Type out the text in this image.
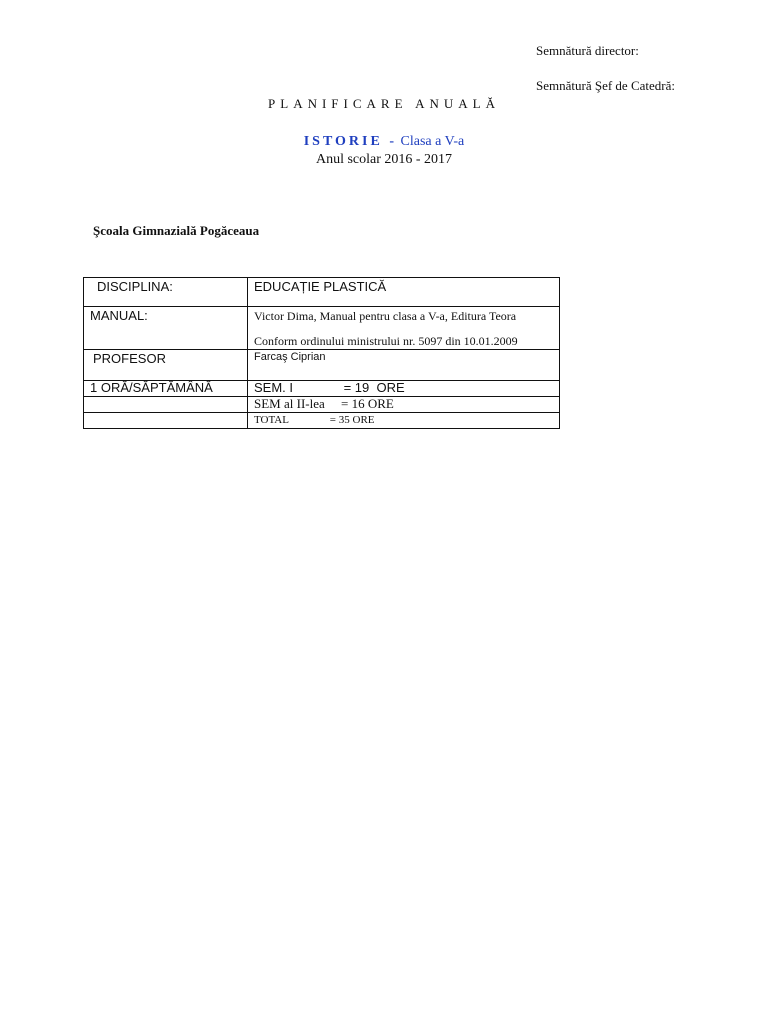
Semnătură director:
Semnătură Şef de Catedră:
PLANIFICARE ANUALĂ
ISTORIE - Clasa a V-a
Anul scolar 2016 - 2017
Şcoala Gimnazială Pogăceaua
DISCIPLINA:	EDUCAȚIE PLASTICĂ

MANUAL:	Victor Dima, Manual pentru clasa a V-a, Editura Teora
Conform ordinului ministrului nr. 5097 din 10.01.2009

PROFESOR	Farcaş Ciprian

1 ORĂ/SĂPTĂMÂNĂ	SEM. I              = 19  ORE

	SEM al II-lea     = 16 ORE

	TOTAL               = 35 ORE
